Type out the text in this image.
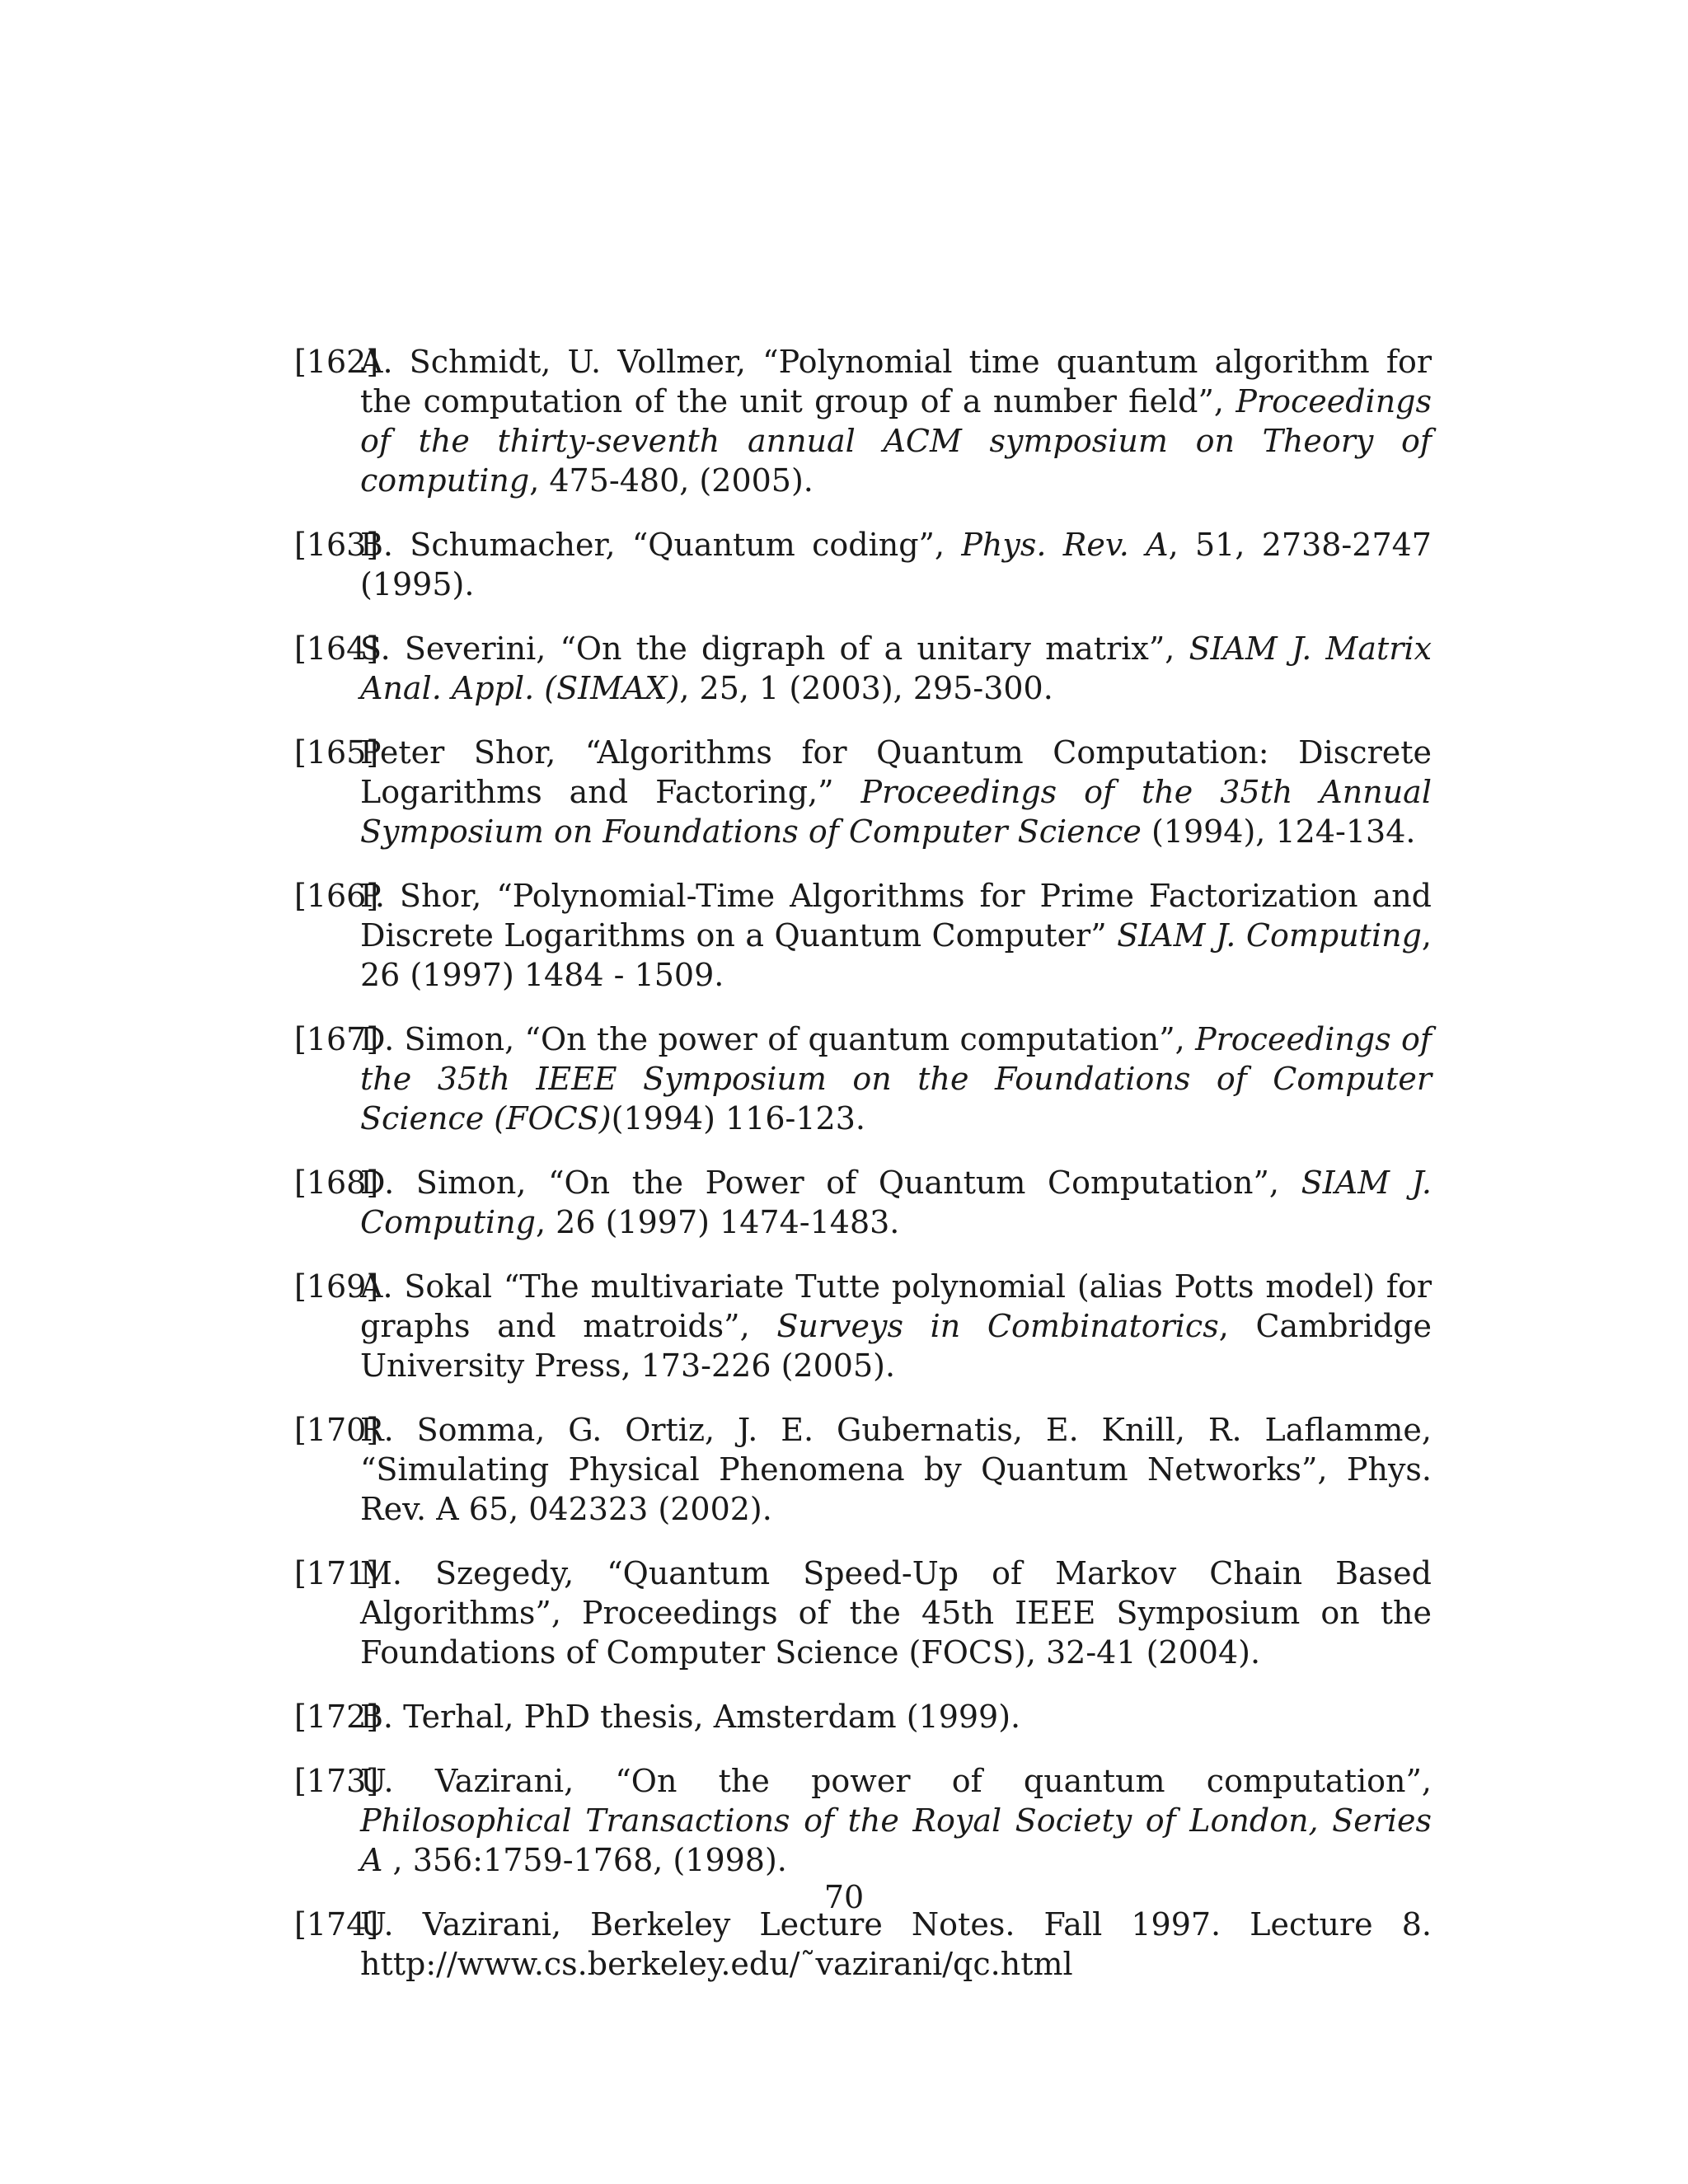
[162]
A. Schmidt, U. Vollmer, “Polynomial time quantum algorithm for the computation of the unit group of a number field”, Proceedings of the thirty-seventh annual ACM symposium on Theory of computing, 475-480, (2005).
[163]
B. Schumacher, “Quantum coding”, Phys. Rev. A, 51, 2738-2747 (1995).
[164]
S. Severini, “On the digraph of a unitary matrix”, SIAM J. Matrix Anal. Appl. (SIMAX), 25, 1 (2003), 295-300.
[165]
Peter Shor, “Algorithms for Quantum Computation: Discrete Logarithms and Factoring,” Proceedings of the 35th Annual Symposium on Foundations of Computer Science (1994), 124-134.
[166]
P. Shor, “Polynomial-Time Algorithms for Prime Factorization and Discrete Logarithms on a Quantum Computer” SIAM J. Computing, 26 (1997) 1484 - 1509.
[167]
D. Simon, “On the power of quantum computation”, Proceedings of the 35th IEEE Symposium on the Foundations of Computer Science (FOCS)(1994) 116-123.
[168]
D. Simon, “On the Power of Quantum Computation”, SIAM J. Computing, 26 (1997) 1474-1483.
[169]
A. Sokal “The multivariate Tutte polynomial (alias Potts model) for graphs and matroids”, Surveys in Combinatorics, Cambridge University Press, 173-226 (2005).
[170]
R. Somma, G. Ortiz, J. E. Gubernatis, E. Knill, R. Laflamme, “Simulating Physical Phenomena by Quantum Networks”, Phys. Rev. A 65, 042323 (2002).
[171]
M. Szegedy, “Quantum Speed-Up of Markov Chain Based Algorithms”, Proceedings of the 45th IEEE Symposium on the Foundations of Computer Science (FOCS), 32-41 (2004).
[172]
B. Terhal, PhD thesis, Amsterdam (1999).
[173]
U. Vazirani, “On the power of quantum computation”, Philosophical Transactions of the Royal Society of London, Series A , 356:1759-1768, (1998).
[174]
U. Vazirani, Berkeley Lecture Notes. Fall 1997. Lecture 8.
http://www.cs.berkeley.edu/˜vazirani/qc.html
70
